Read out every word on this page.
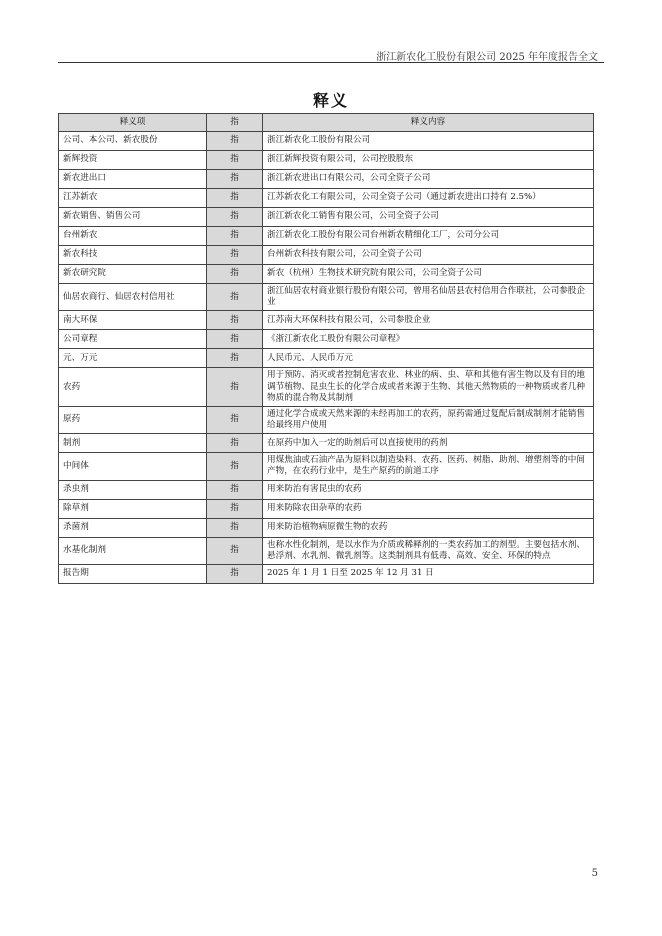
浙江新农化工股份有限公司 2025 年年度报告全文
释义
释义项	指	释义内容
公司、本公司、新农股份	指	浙江新农化工股份有限公司
新辉投资	指	浙江新辉投资有限公司，公司控股股东
新农进出口	指	浙江新农进出口有限公司，公司全资子公司
江苏新农	指	江苏新农化工有限公司，公司全资子公司（通过新农进出口持有 2.5%）
新农销售、销售公司	指	浙江新农化工销售有限公司，公司全资子公司
台州新农	指	浙江新农化工股份有限公司台州新农精细化工厂，公司分公司
新农科技	指	台州新农科技有限公司，公司全资子公司
新农研究院	指	新农（杭州）生物技术研究院有限公司，公司全资子公司
仙居农商行、仙居农村信用社	指	浙江仙居农村商业银行股份有限公司，曾用名仙居县农村信用合作联社，公司参股企业
南大环保	指	江苏南大环保科技有限公司，公司参股企业
公司章程	指	《浙江新农化工股份有限公司章程》
元、万元	指	人民币元、人民币万元
农药	指	用于预防、消灭或者控制危害农业、林业的病、虫、草和其他有害生物以及有目的地调节植物、昆虫生长的化学合成或者来源于生物、其他天然物质的一种物质或者几种物质的混合物及其制剂
原药	指	通过化学合成或天然来源的未经再加工的农药，原药需通过复配后制成制剂才能销售给最终用户使用
制剂	指	在原药中加入一定的助剂后可以直接使用的药剂
中间体	指	用煤焦油或石油产品为原料以制造染料、农药、医药、树脂、助剂、增塑剂等的中间产物，在农药行业中，是生产原药的前道工序
杀虫剂	指	用来防治有害昆虫的农药
除草剂	指	用来防除农田杂草的农药
杀菌剂	指	用来防治植物病原微生物的农药
水基化制剂	指	也称水性化制剂，是以水作为介质或稀释剂的一类农药加工的剂型。主要包括水剂、悬浮剂、水乳剂、微乳剂等。这类制剂具有低毒、高效、安全、环保的特点
报告期	指	2025 年 1 月 1 日至 2025 年 12 月 31 日
5
